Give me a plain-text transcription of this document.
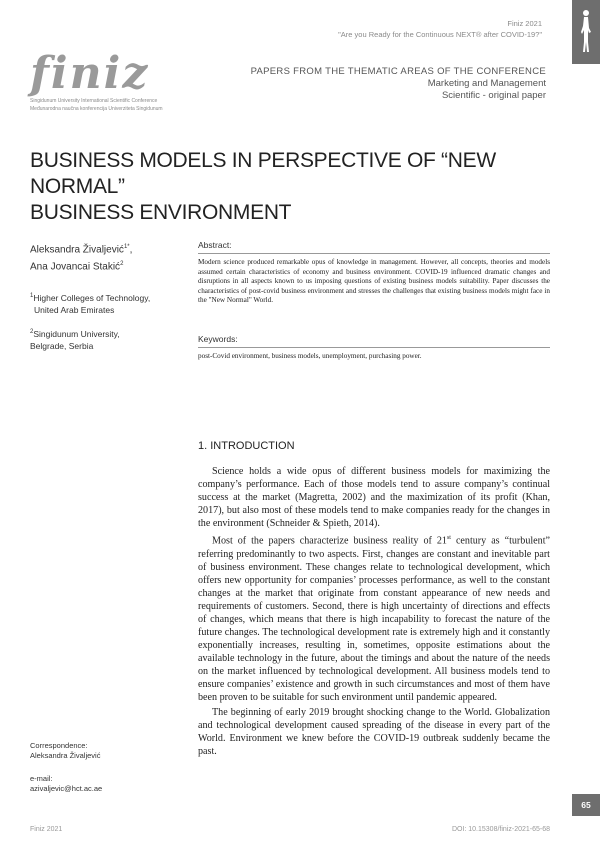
Finiz 2021
"Are you Ready for the Continuous NEXT® after COVID-19?"
finiz
Singidunum University International Scientific Conference
Međunarodna naučna konferencija Univerziteta Singidunum
PAPERS FROM THE THEMATIC AREAS OF THE CONFERENCE
Marketing and Management
Scientific - original paper
BUSINESS MODELS IN PERSPECTIVE OF “NEW NORMAL”
BUSINESS ENVIRONMENT
Aleksandra Živaljević$^{1*}$,
Ana Jovancai Stakić$^2$
$^1$Higher Colleges of Technology,
United Arab Emirates
$^2$Singidunum University,
Belgrade, Serbia
Abstract:
Modern science produced remarkable opus of knowledge in management. However, all concepts, theories and models assumed certain characteristics of economy and business environment. COVID-19 influenced dramatic changes and disruptions in all aspects known to us imposing questions of existing business models suitability. Paper discusses the characteristics of post-covid business environment and stresses the challenges that existing business models might face in the "New Normal" World.
Keywords:
post-Covid environment, business models, unemployment, purchasing power.
1. INTRODUCTION

Science holds a wide opus of different business models for maximizing the company’s performance. Each of those models tend to assure company’s continual success at the market (Magretta, 2002) and the maximization of its profit (Khan, 2017), but also most of these models tend to make companies ready for the changes in the environment (Schneider & Spieth, 2014).

Most of the papers characterize business reality of 21st century as “turbulent” referring predominantly to two aspects. First, changes are constant and inevitable part of business environment. These changes relate to technological development, which offers new opportunity for companies’ processes performance, as well to the constant changes at the market that originate from constant appearance of new needs and requirements of customers. Second, there is high uncertainty of directions and effects of changes, which means that there is high incapability to forecast the nature of the future changes. The technological development rate is extremely high and it constantly exponentially increases, resulting in, sometimes, opposite estimations about the available technology in the future, about the timings and about the nature of the needs on the market influenced by technological development. All business models tend to ensure companies’ existence and growth in such circumstances and most of them have been proven to be suitable for such environment until pandemic appeared.

The beginning of early 2019 brought shocking change to the World. Globalization and technological development caused spreading of the disease in every part of the World. Environment we knew before the COVID-19 outbreak suddenly became the past.

Correspondence:
Aleksandra Živaljević
e-mail:
azivaljevic@hct.ac.ae
65
Finiz 2021	DOI: 10.15308/finiz-2021-65-68
